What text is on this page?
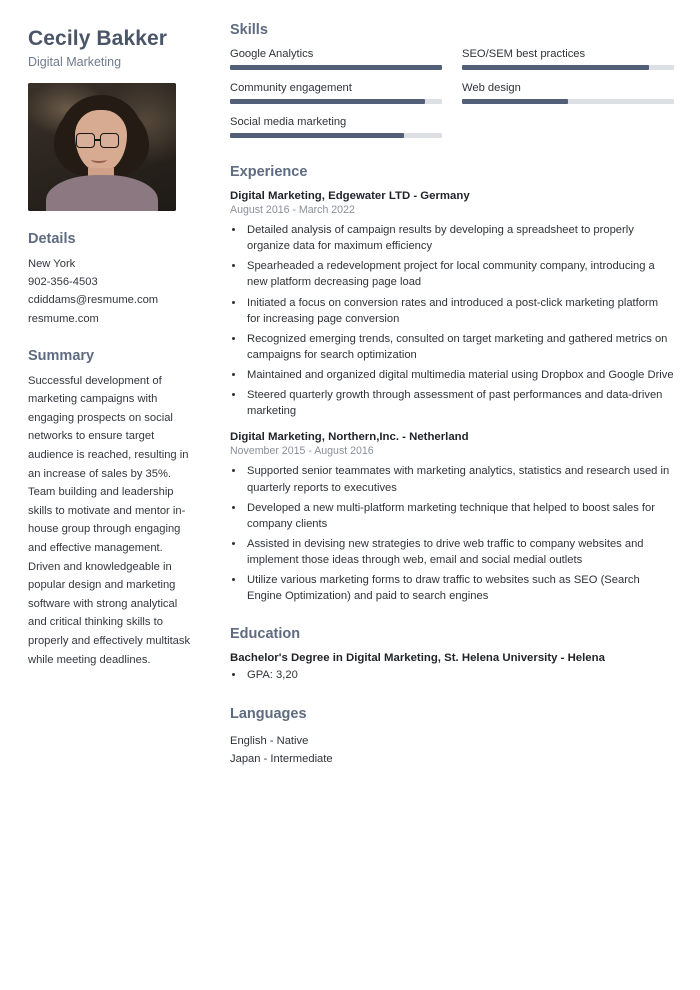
Cecily Bakker
Digital Marketing
Details
New York
902-356-4503
cdiddams@resmume.com
resmume.com
Summary

Successful development of marketing campaigns with engaging prospects on social networks to ensure target audience is reached, resulting in an increase of sales by 35%. Team building and leadership skills to motivate and mentor in-house group through engaging and effective management. Driven and knowledgeable in popular design and marketing software with strong analytical and critical thinking skills to properly and effectively multitask while meeting deadlines.

Skills
Google Analytics	SEO/SEM best practices
Community engagement	Web design
Social media marketing
Experience
Digital Marketing, Edgewater LTD - Germany
August 2016 - March 2022
• Detailed analysis of campaign results by developing a spreadsheet to properly organize data for maximum efficiency
• Spearheaded a redevelopment project for local community company, introducing a new platform decreasing page load
• Initiated a focus on conversion rates and introduced a post-click marketing platform for increasing page conversion
• Recognized emerging trends, consulted on target marketing and gathered metrics on campaigns for search optimization
• Maintained and organized digital multimedia material using Dropbox and Google Drive
• Steered quarterly growth through assessment of past performances and data-driven marketing
Digital Marketing, Northern,Inc. - Netherland
November 2015 - August 2016
• Supported senior teammates with marketing analytics, statistics and research used in quarterly reports to executives
• Developed a new multi-platform marketing technique that helped to boost sales for company clients
• Assisted in devising new strategies to drive web traffic to company websites and implement those ideas through web, email and social medial outlets
• Utilize various marketing forms to draw traffic to websites such as SEO (Search Engine Optimization) and paid to search engines
Education
Bachelor's Degree in Digital Marketing, St. Helena University - Helena
• GPA: 3,20
Languages
English - Native
Japan - Intermediate
